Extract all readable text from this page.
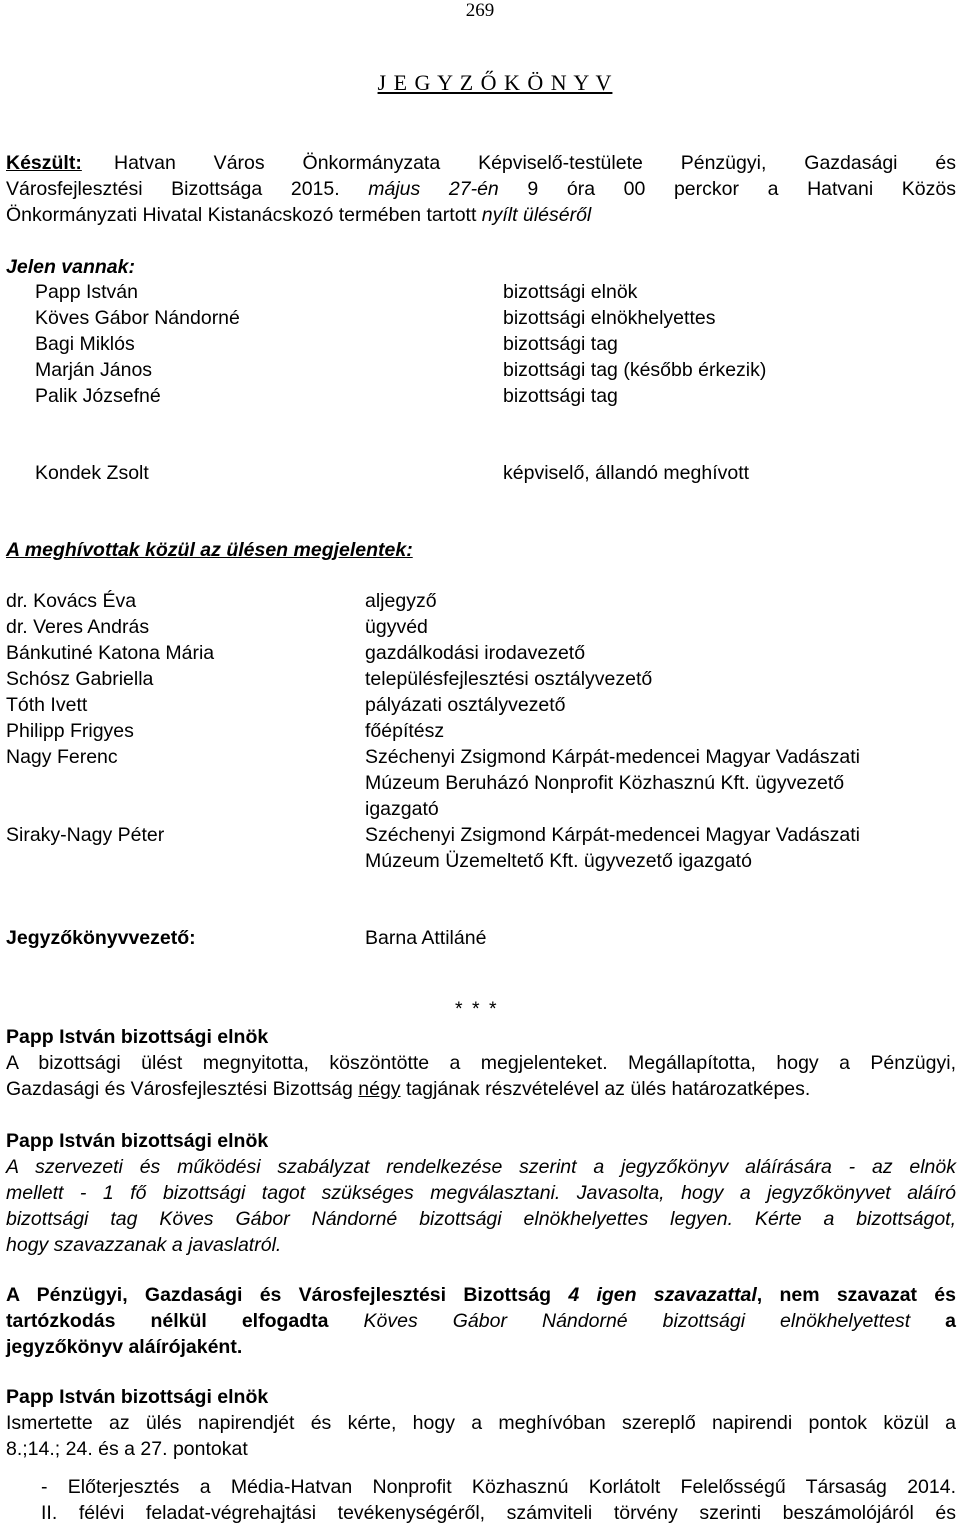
269
J E G Y Z Ő K Ö N Y V
Készült: Hatvan Város Önkormányzata Képviselő-testülete Pénzügyi, Gazdasági és
Városfejlesztési Bizottsága 2015. május 27-én 9 óra 00 perckor a Hatvani Közös
Önkormányzati Hivatal Kistanácskozó termében tartott nyílt üléséről
Jelen vannak:
Papp István	bizottsági elnök
Köves Gábor Nándorné	bizottsági elnökhelyettes
Bagi Miklós	bizottsági tag
Marján János	bizottsági tag (később érkezik)
Palik Józsefné	bizottsági tag
Kondek Zsolt	képviselő, állandó meghívott
A meghívottak közül az ülésen megjelentek:
dr. Kovács Éva	aljegyző
dr. Veres András	ügyvéd
Bánkutiné Katona Mária	gazdálkodási irodavezető
Schósz Gabriella	településfejlesztési osztályvezető
Tóth Ivett	pályázati osztályvezető
Philipp Frigyes	főépítész
Nagy Ferenc	Széchenyi Zsigmond Kárpát-medencei Magyar Vadászati
Múzeum Beruházó Nonprofit Közhasznú Kft. ügyvezető
igazgató
Siraky-Nagy Péter	Széchenyi Zsigmond Kárpát-medencei Magyar Vadászati
Múzeum Üzemeltető Kft. ügyvezető igazgató
Jegyzőkönyvvezető:	Barna Attiláné
* * *
Papp István bizottsági elnök
A bizottsági ülést megnyitotta, köszöntötte a megjelenteket. Megállapította, hogy a Pénzügyi,
Gazdasági és Városfejlesztési Bizottság négy tagjának részvételével az ülés határozatképes.
Papp István bizottsági elnök
A szervezeti és működési szabályzat rendelkezése szerint a jegyzőkönyv aláírására - az elnök
mellett - 1 fő bizottsági tagot szükséges megválasztani. Javasolta, hogy a jegyzőkönyvet aláíró
bizottsági tag Köves Gábor Nándorné bizottsági elnökhelyettes legyen. Kérte a bizottságot,
hogy szavazzanak a javaslatról.
A Pénzügyi, Gazdasági és Városfejlesztési Bizottság 4 igen szavazattal, nem szavazat és
tartózkodás nélkül elfogadta Köves Gábor Nándorné bizottsági elnökhelyettest a
jegyzőkönyv aláírójaként.
Papp István bizottsági elnök
Ismertette az ülés napirendjét és kérte, hogy a meghívóban szereplő napirendi pontok közül a
8.;14.; 24. és a 27. pontokat
- Előterjesztés a Média-Hatvan Nonprofit Közhasznú Korlátolt Felelősségű Társaság 2014.
II. félévi feladat-végrehajtási tevékenységéről, számviteli törvény szerinti beszámolójáról és
